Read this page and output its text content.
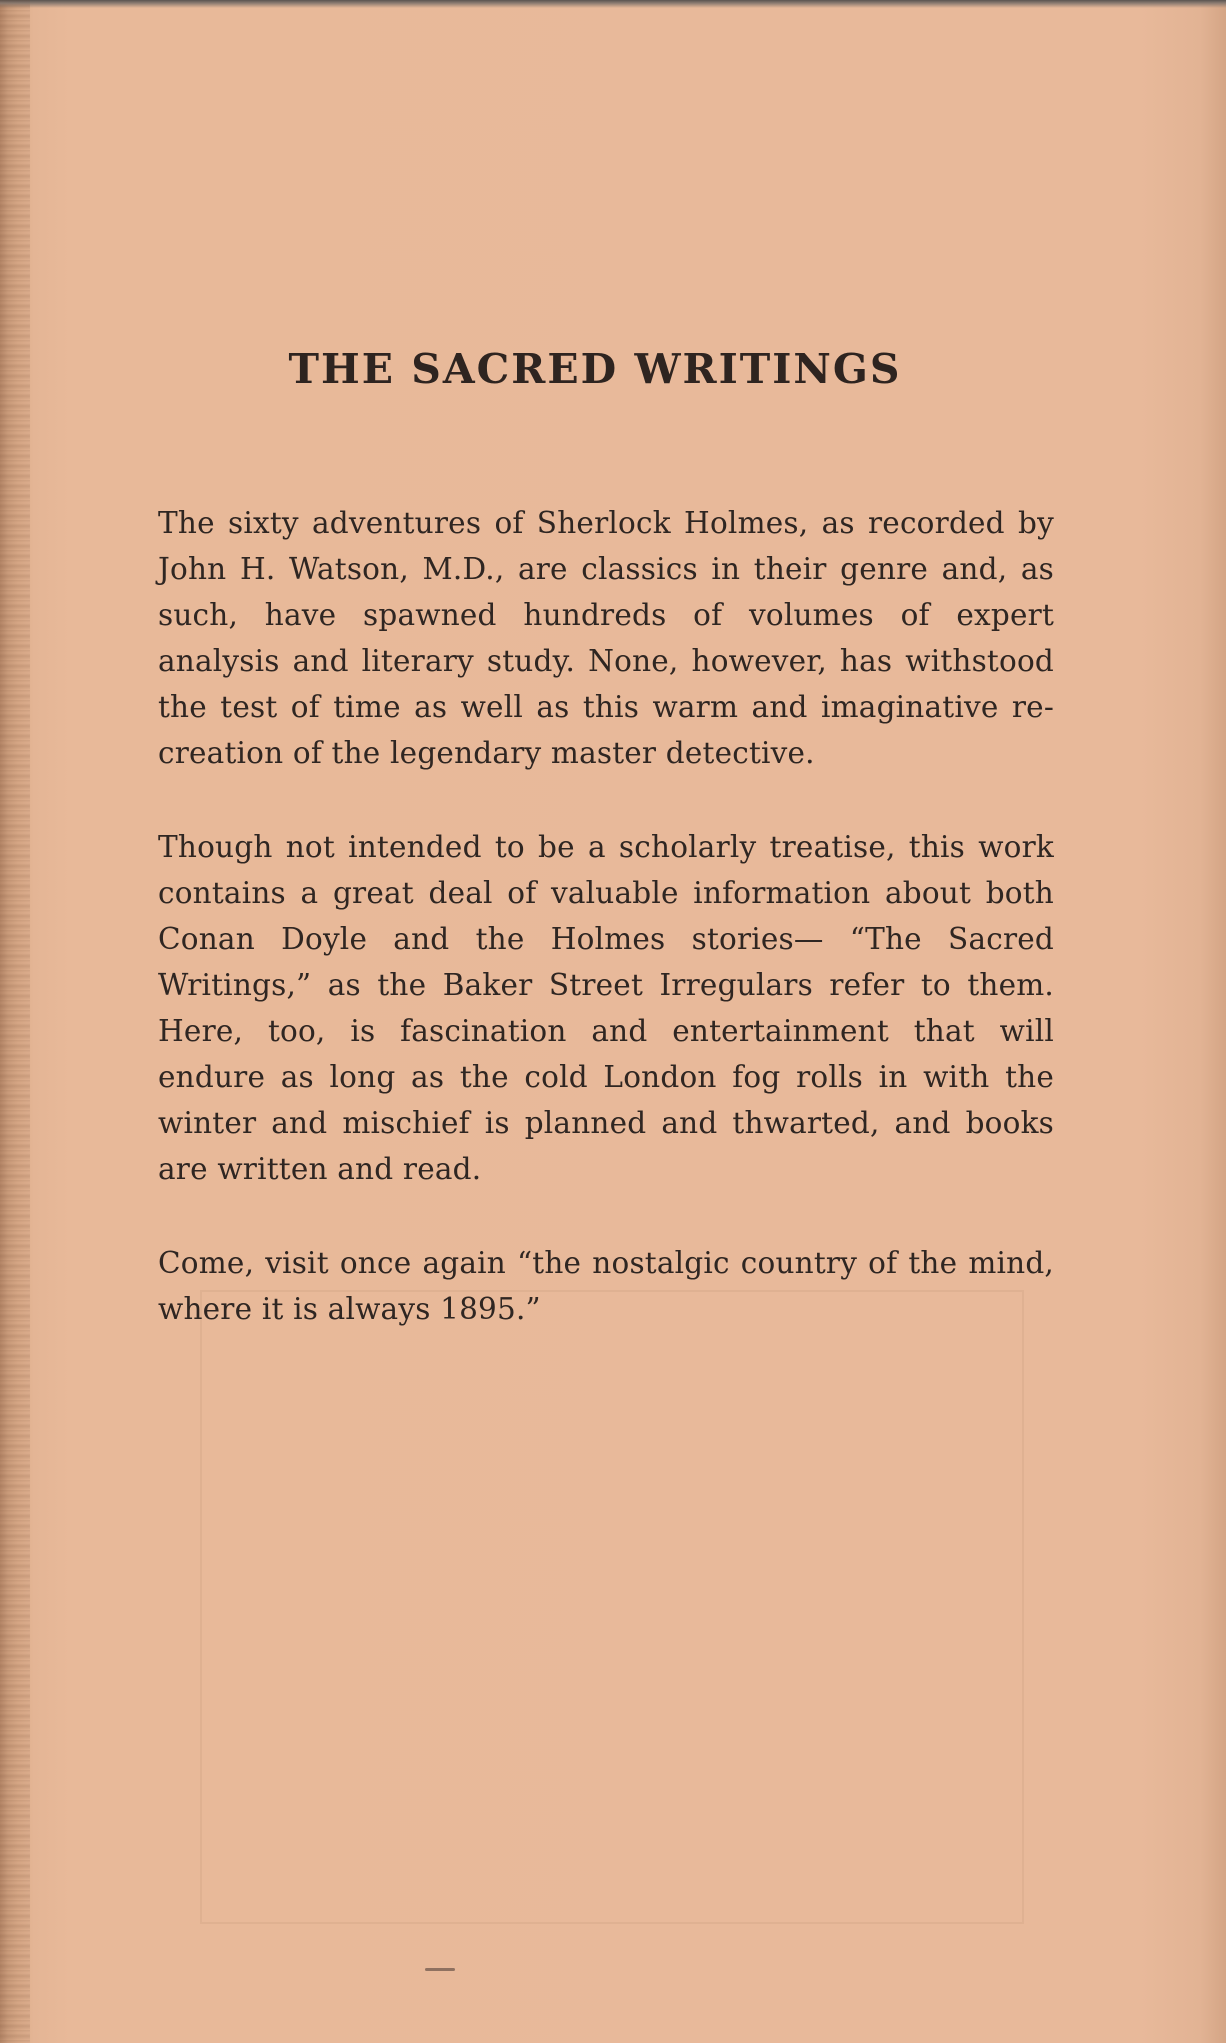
THE SACRED WRITINGS

The sixty adventures of Sherlock Holmes, as recorded by John H. Watson, M.D., are classics in their genre and, as such, have spawned hundreds of volumes of expert analysis and literary study. None, however, has withstood the test of time as well as this warm and imaginative re-creation of the legendary master detective.

Though not intended to be a scholarly treatise, this work contains a great deal of valuable information about both Conan Doyle and the Holmes stories— “The Sacred Writings,” as the Baker Street Irregulars refer to them. Here, too, is fascination and entertainment that will endure as long as the cold London fog rolls in with the winter and mischief is planned and thwarted, and books are written and read.

Come, visit once again “the nostalgic country of the mind, where it is always 1895.”
